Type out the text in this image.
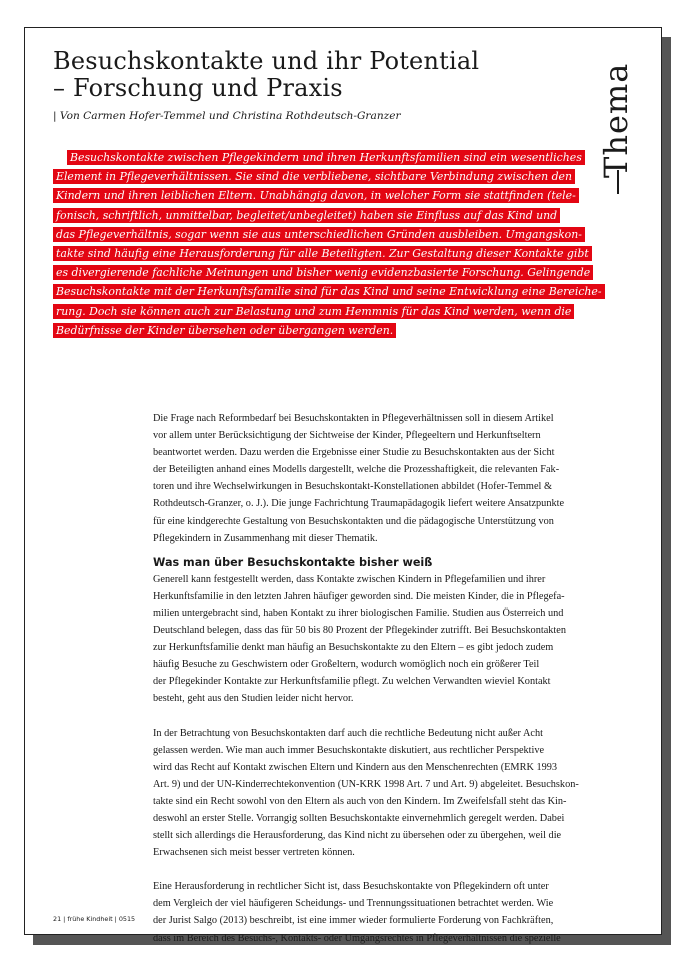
Besuchskontakte und ihr Potential
– Forschung und Praxis
| Von Carmen Hofer-Temmel und Christina Rothdeutsch-Granzer	Thema
Besuchskontakte zwischen Pflegekindern und ihren Herkunftsfamilien sind ein wesentliches
Element in Pflegeverhältnissen. Sie sind die verbliebene, sichtbare Verbindung zwischen den
Kindern und ihren leiblichen Eltern. Unabhängig davon, in welcher Form sie stattfinden (tele-
fonisch, schriftlich, unmittelbar, begleitet/unbegleitet) haben sie Einfluss auf das Kind und
das Pflegeverhältnis, sogar wenn sie aus unterschiedlichen Gründen ausbleiben. Umgangskon-
takte sind häufig eine Herausforderung für alle Beteiligten. Zur Gestaltung dieser Kontakte gibt
es divergierende fachliche Meinungen und bisher wenig evidenzbasierte Forschung. Gelingende
Besuchskontakte mit der Herkunftsfamilie sind für das Kind und seine Entwicklung eine Bereiche-
rung. Doch sie können auch zur Belastung und zum Hemmnis für das Kind werden, wenn die
Bedürfnisse der Kinder übersehen oder übergangen werden.
Die Frage nach Reformbedarf bei Besuchskontakten in Pflegeverhältnissen soll in diesem Artikel
vor allem unter Berücksichtigung der Sichtweise der Kinder, Pflegeeltern und Herkunftseltern
beantwortet werden. Dazu werden die Ergebnisse einer Studie zu Besuchskontakten aus der Sicht
der Beteiligten anhand eines Modells dargestellt, welche die Prozesshaftigkeit, die relevanten Fak-
toren und ihre Wechselwirkungen in Besuchskontakt-Konstellationen abbildet (Hofer-Temmel &
Rothdeutsch-Granzer, o. J.). Die junge Fachrichtung Traumapädagogik liefert weitere Ansatzpunkte
für eine kindgerechte Gestaltung von Besuchskontakten und die pädagogische Unterstützung von
Pflegekindern in Zusammenhang mit dieser Thematik.
Was man über Besuchskontakte bisher weiß
Generell kann festgestellt werden, dass Kontakte zwischen Kindern in Pflegefamilien und ihrer
Herkunftsfamilie in den letzten Jahren häufiger geworden sind. Die meisten Kinder, die in Pflegefa-
milien untergebracht sind, haben Kontakt zu ihrer biologischen Familie. Studien aus Österreich und
Deutschland belegen, dass das für 50 bis 80 Prozent der Pflegekinder zutrifft. Bei Besuchskontakten
zur Herkunftsfamilie denkt man häufig an Besuchskontakte zu den Eltern – es gibt jedoch zudem
häufig Besuche zu Geschwistern oder Großeltern, wodurch womöglich noch ein größerer Teil
der Pflegekinder Kontakte zur Herkunftsfamilie pflegt. Zu welchen Verwandten wieviel Kontakt
besteht, geht aus den Studien leider nicht hervor.
In der Betrachtung von Besuchskontakten darf auch die rechtliche Bedeutung nicht außer Acht
gelassen werden. Wie man auch immer Besuchskontakte diskutiert, aus rechtlicher Perspektive
wird das Recht auf Kontakt zwischen Eltern und Kindern aus den Menschenrechten (EMRK 1993
Art. 9) und der UN-Kinderrechtekonvention (UN-KRK 1998 Art. 7 und Art. 9) abgeleitet. Besuchskon-
takte sind ein Recht sowohl von den Eltern als auch von den Kindern. Im Zweifelsfall steht das Kin-
deswohl an erster Stelle. Vorrangig sollten Besuchskontakte einvernehmlich geregelt werden. Dabei
stellt sich allerdings die Herausforderung, das Kind nicht zu übersehen oder zu übergehen, weil die
Erwachsenen sich meist besser vertreten können.
Eine Herausforderung in rechtlicher Sicht ist, dass Besuchskontakte von Pflegekindern oft unter
dem Vergleich der viel häufigeren Scheidungs- und Trennungssituationen betrachtet werden. Wie
der Jurist Salgo (2013) beschreibt, ist eine immer wieder formulierte Forderung von Fachkräften,
dass im Bereich des Besuchs-, Kontakts- oder Umgangsrechtes in Pflegeverhältnissen die spezielle
21 | frühe Kindheit | 0515
